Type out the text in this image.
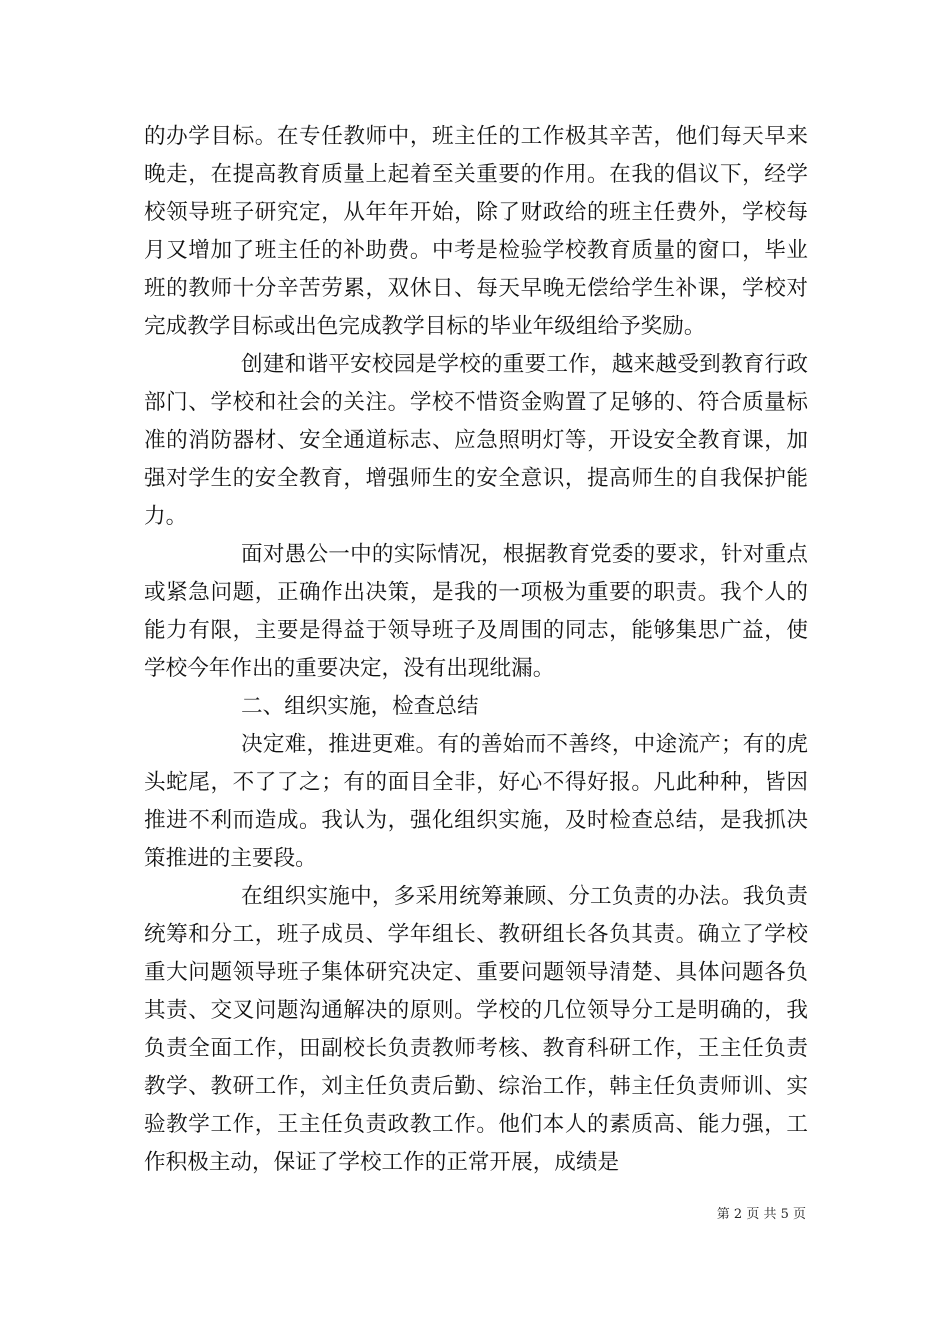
的办学目标。在专任教师中，班主任的工作极其辛苦，他们每天早来晚走，在提高教育质量上起着至关重要的作用。在我的倡议下，经学校领导班子研究定，从年年开始，除了财政给的班主任费外，学校每月又增加了班主任的补助费。中考是检验学校教育质量的窗口，毕业班的教师十分辛苦劳累，双休日、每天早晚无偿给学生补课，学校对完成教学目标或出色完成教学目标的毕业年级组给予奖励。

创建和谐平安校园是学校的重要工作，越来越受到教育行政部门、学校和社会的关注。学校不惜资金购置了足够的、符合质量标准的消防器材、安全通道标志、应急照明灯等，开设安全教育课，加强对学生的安全教育，增强师生的安全意识，提高师生的自我保护能力。

面对愚公一中的实际情况，根据教育党委的要求，针对重点或紧急问题，正确作出决策，是我的一项极为重要的职责。我个人的能力有限，主要是得益于领导班子及周围的同志，能够集思广益，使学校今年作出的重要决定，没有出现纰漏。

二、组织实施，检查总结

决定难，推进更难。有的善始而不善终，中途流产；有的虎头蛇尾，不了了之；有的面目全非，好心不得好报。凡此种种，皆因推进不利而造成。我认为，强化组织实施，及时检查总结，是我抓决策推进的主要段。

在组织实施中，多采用统筹兼顾、分工负责的办法。我负责统筹和分工，班子成员、学年组长、教研组长各负其责。确立了学校重大问题领导班子集体研究决定、重要问题领导清楚、具体问题各负其责、交叉问题沟通解决的原则。学校的几位领导分工是明确的，我负责全面工作，田副校长负责教师考核、教育科研工作，王主任负责教学、教研工作，刘主任负责后勤、综治工作，韩主任负责师训、实验教学工作，王主任负责政教工作。他们本人的素质高、能力强，工作积极主动，保证了学校工作的正常开展，成绩是

第 2 页 共 5 页
